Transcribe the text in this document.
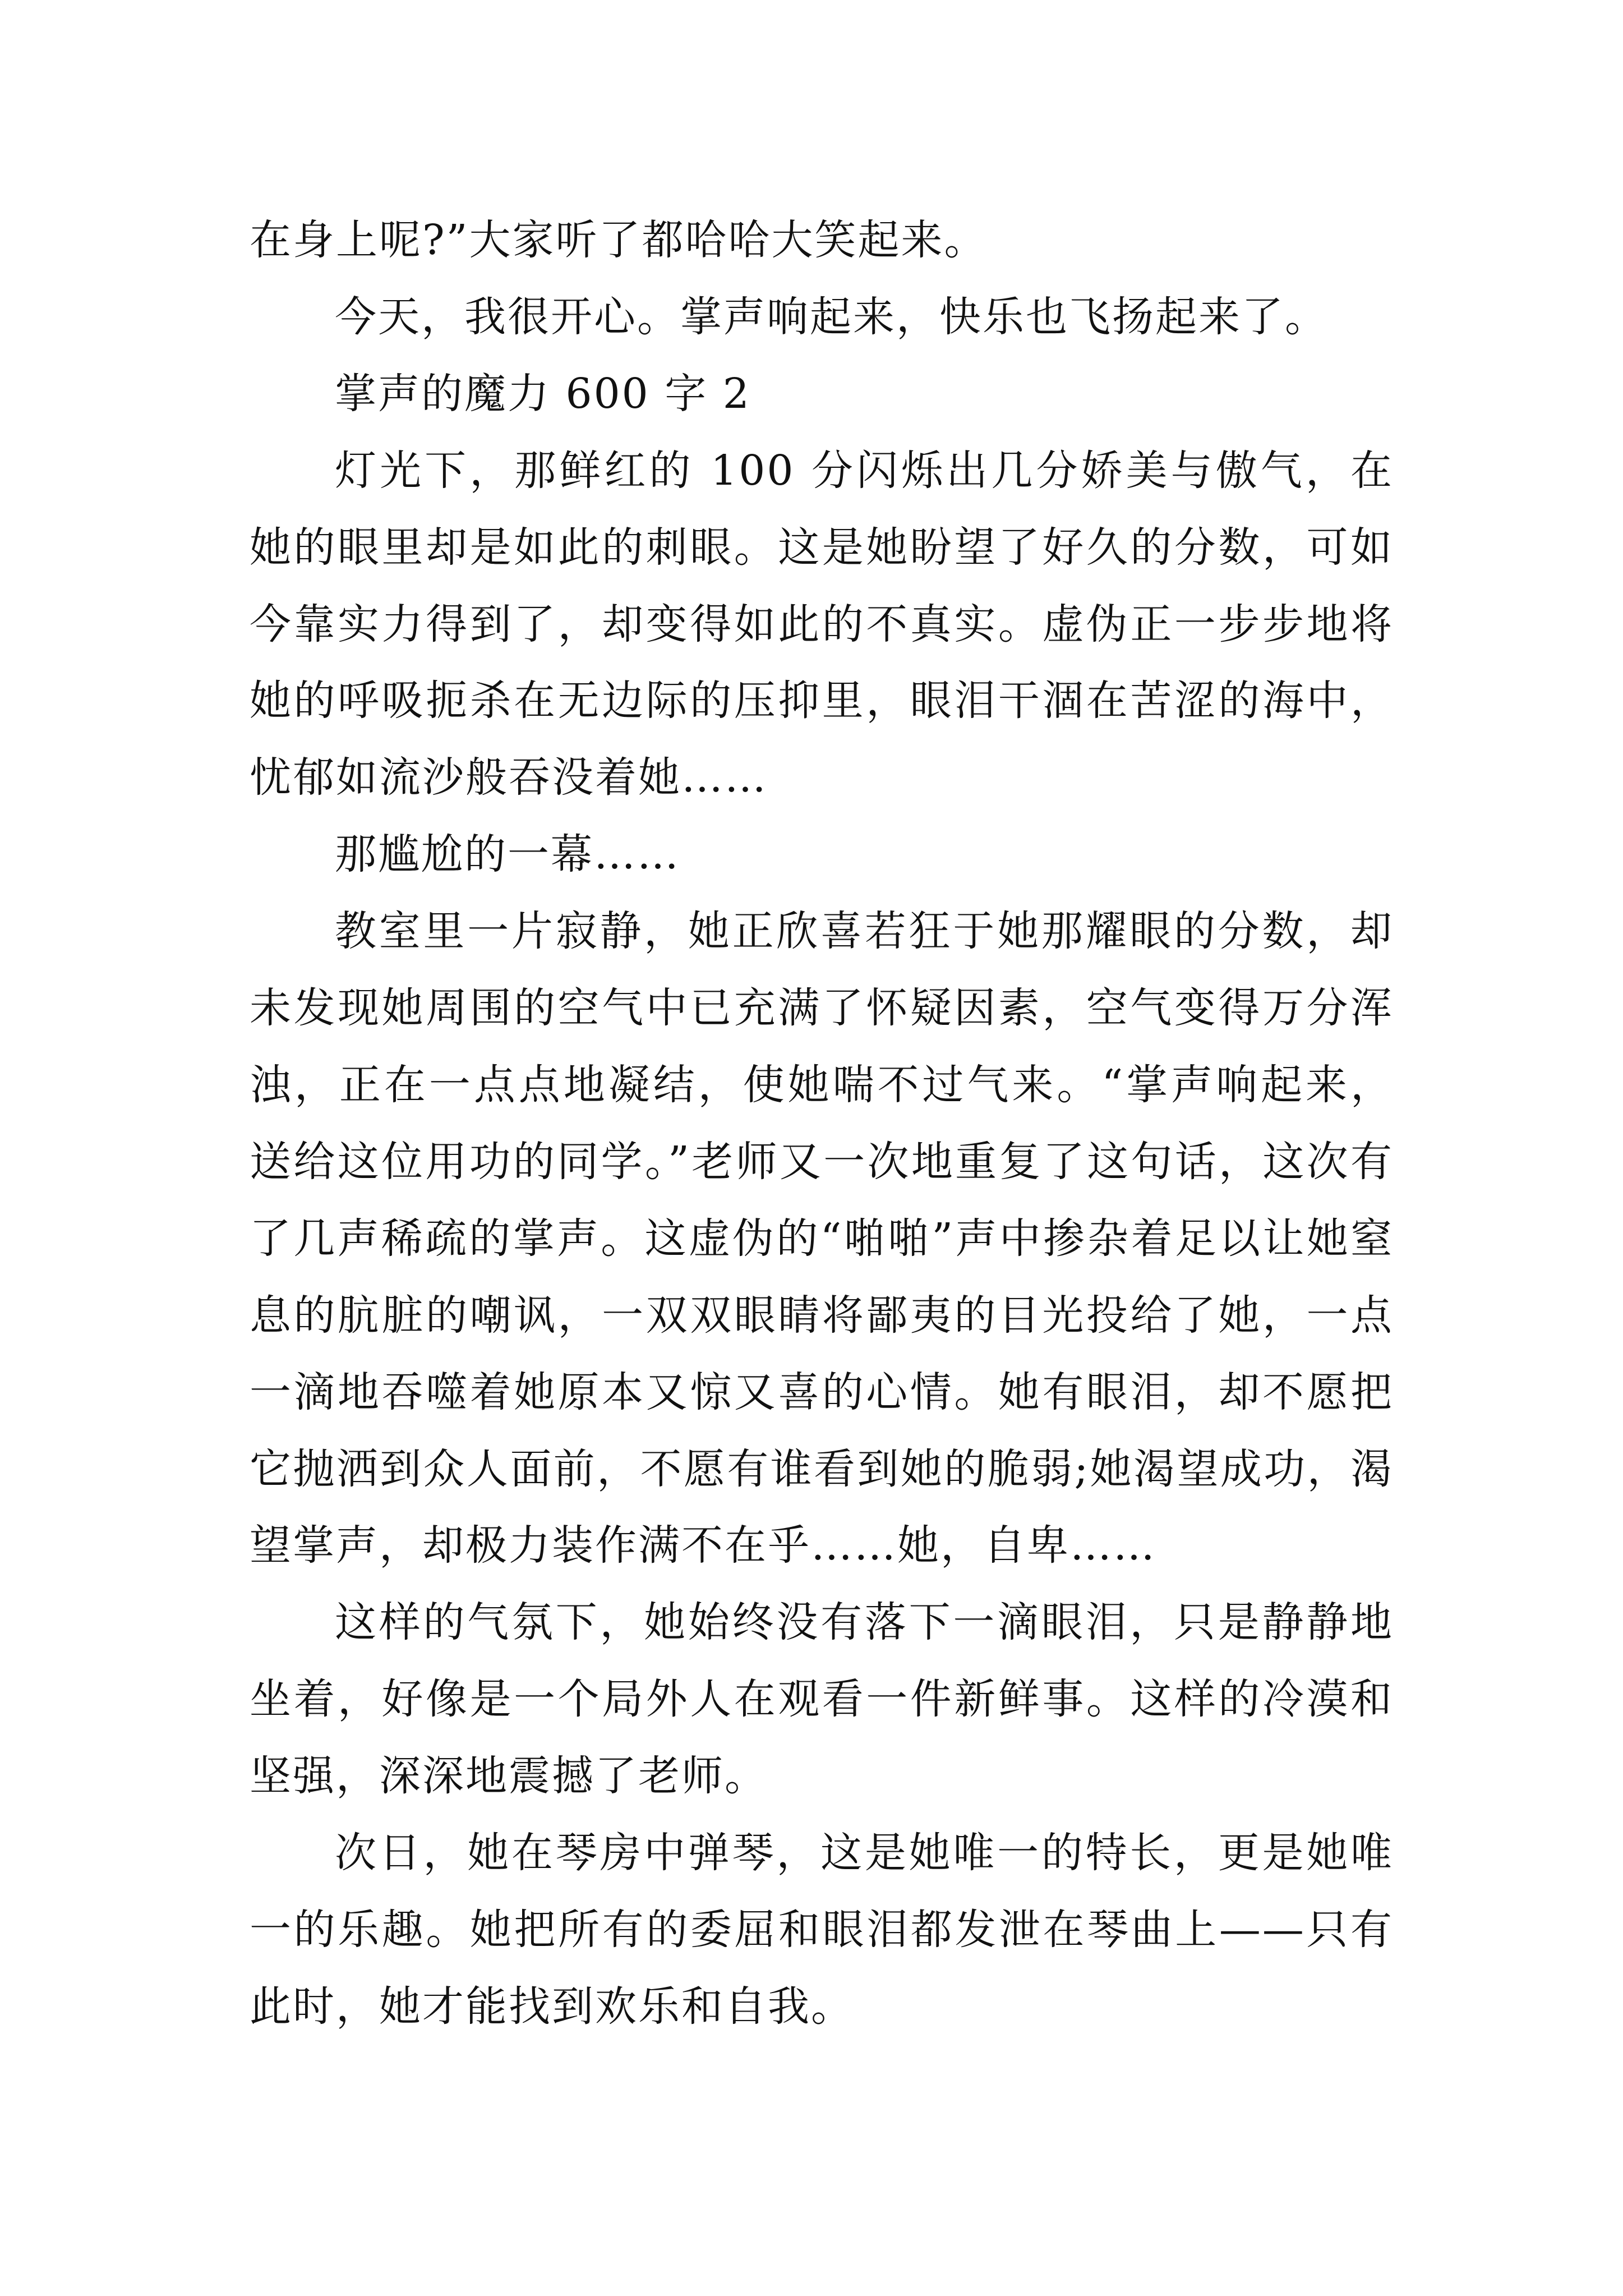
在身上呢?”大家听了都哈哈大笑起来。

今天，我很开心。掌声响起来，快乐也飞扬起来了。

掌声的魔力 600 字 2

灯光下，那鲜红的 100 分闪烁出几分娇美与傲气，在她的眼里却是如此的刺眼。这是她盼望了好久的分数，可如今靠实力得到了，却变得如此的不真实。虚伪正一步步地将她的呼吸扼杀在无边际的压抑里，眼泪干涸在苦涩的海中，忧郁如流沙般吞没着她……

那尴尬的一幕……

教室里一片寂静，她正欣喜若狂于她那耀眼的分数，却未发现她周围的空气中已充满了怀疑因素，空气变得万分浑浊，正在一点点地凝结，使她喘不过气来。“掌声响起来，送给这位用功的同学。”老师又一次地重复了这句话，这次有了几声稀疏的掌声。这虚伪的“啪啪”声中掺杂着足以让她窒息的肮脏的嘲讽，一双双眼睛将鄙夷的目光投给了她，一点一滴地吞噬着她原本又惊又喜的心情。她有眼泪，却不愿把它抛洒到众人面前，不愿有谁看到她的脆弱;她渴望成功，渴望掌声，却极力装作满不在乎……她，自卑……

这样的气氛下，她始终没有落下一滴眼泪，只是静静地坐着，好像是一个局外人在观看一件新鲜事。这样的冷漠和坚强，深深地震撼了老师。

次日，她在琴房中弹琴，这是她唯一的特长，更是她唯一的乐趣。她把所有的委屈和眼泪都发泄在琴曲上——只有此时，她才能找到欢乐和自我。
